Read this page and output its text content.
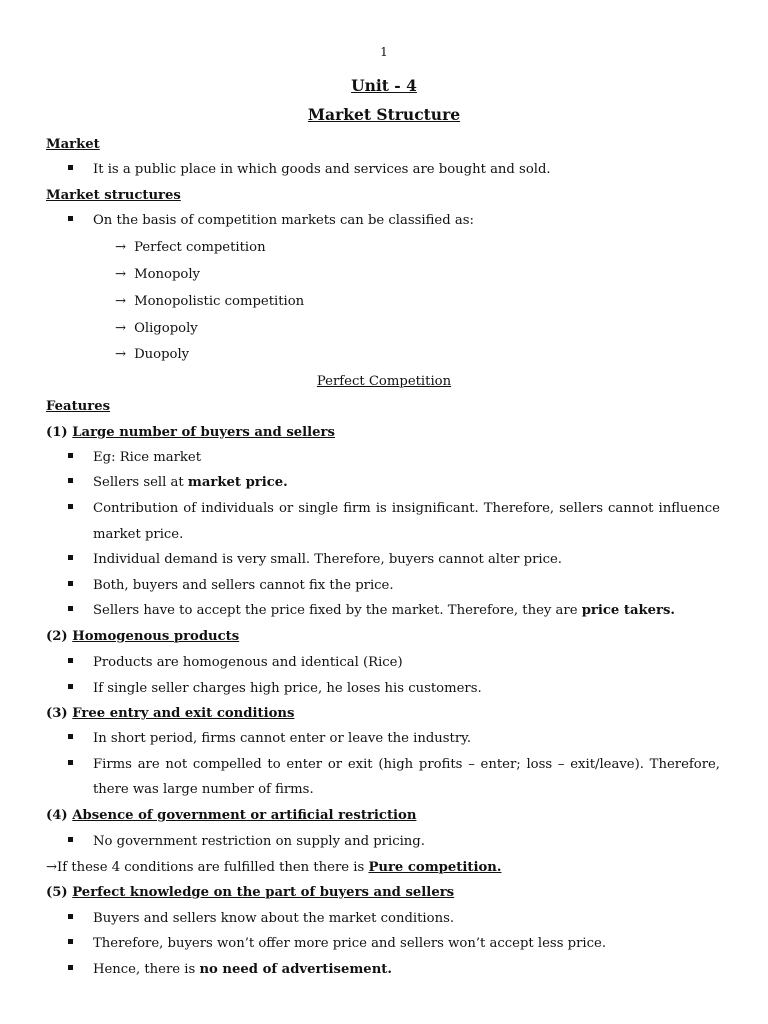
1
Unit - 4
Market Structure
Market
It is a public place in which goods and services are bought and sold.
Market structures
On the basis of competition markets can be classified as:
→ Perfect competition
→ Monopoly
→ Monopolistic competition
→ Oligopoly
→ Duopoly
Perfect Competition
Features
(1) Large number of buyers and sellers
Eg: Rice market
Sellers sell at market price.
Contribution of individuals or single firm is insignificant. Therefore, sellers cannot influence
market price.
Individual demand is very small. Therefore, buyers cannot alter price.
Both, buyers and sellers cannot fix the price.
Sellers have to accept the price fixed by the market. Therefore, they are price takers.
(2) Homogenous products
Products are homogenous and identical (Rice)
If single seller charges high price, he loses his customers.
(3) Free entry and exit conditions
In short period, firms cannot enter or leave the industry.
Firms are not compelled to enter or exit (high profits – enter; loss – exit/leave). Therefore,
there was large number of firms.
(4) Absence of government or artificial restriction
No government restriction on supply and pricing.
→If these 4 conditions are fulfilled then there is Pure competition.
(5) Perfect knowledge on the part of buyers and sellers
Buyers and sellers know about the market conditions.
Therefore, buyers won’t offer more price and sellers won’t accept less price.
Hence, there is no need of advertisement.
